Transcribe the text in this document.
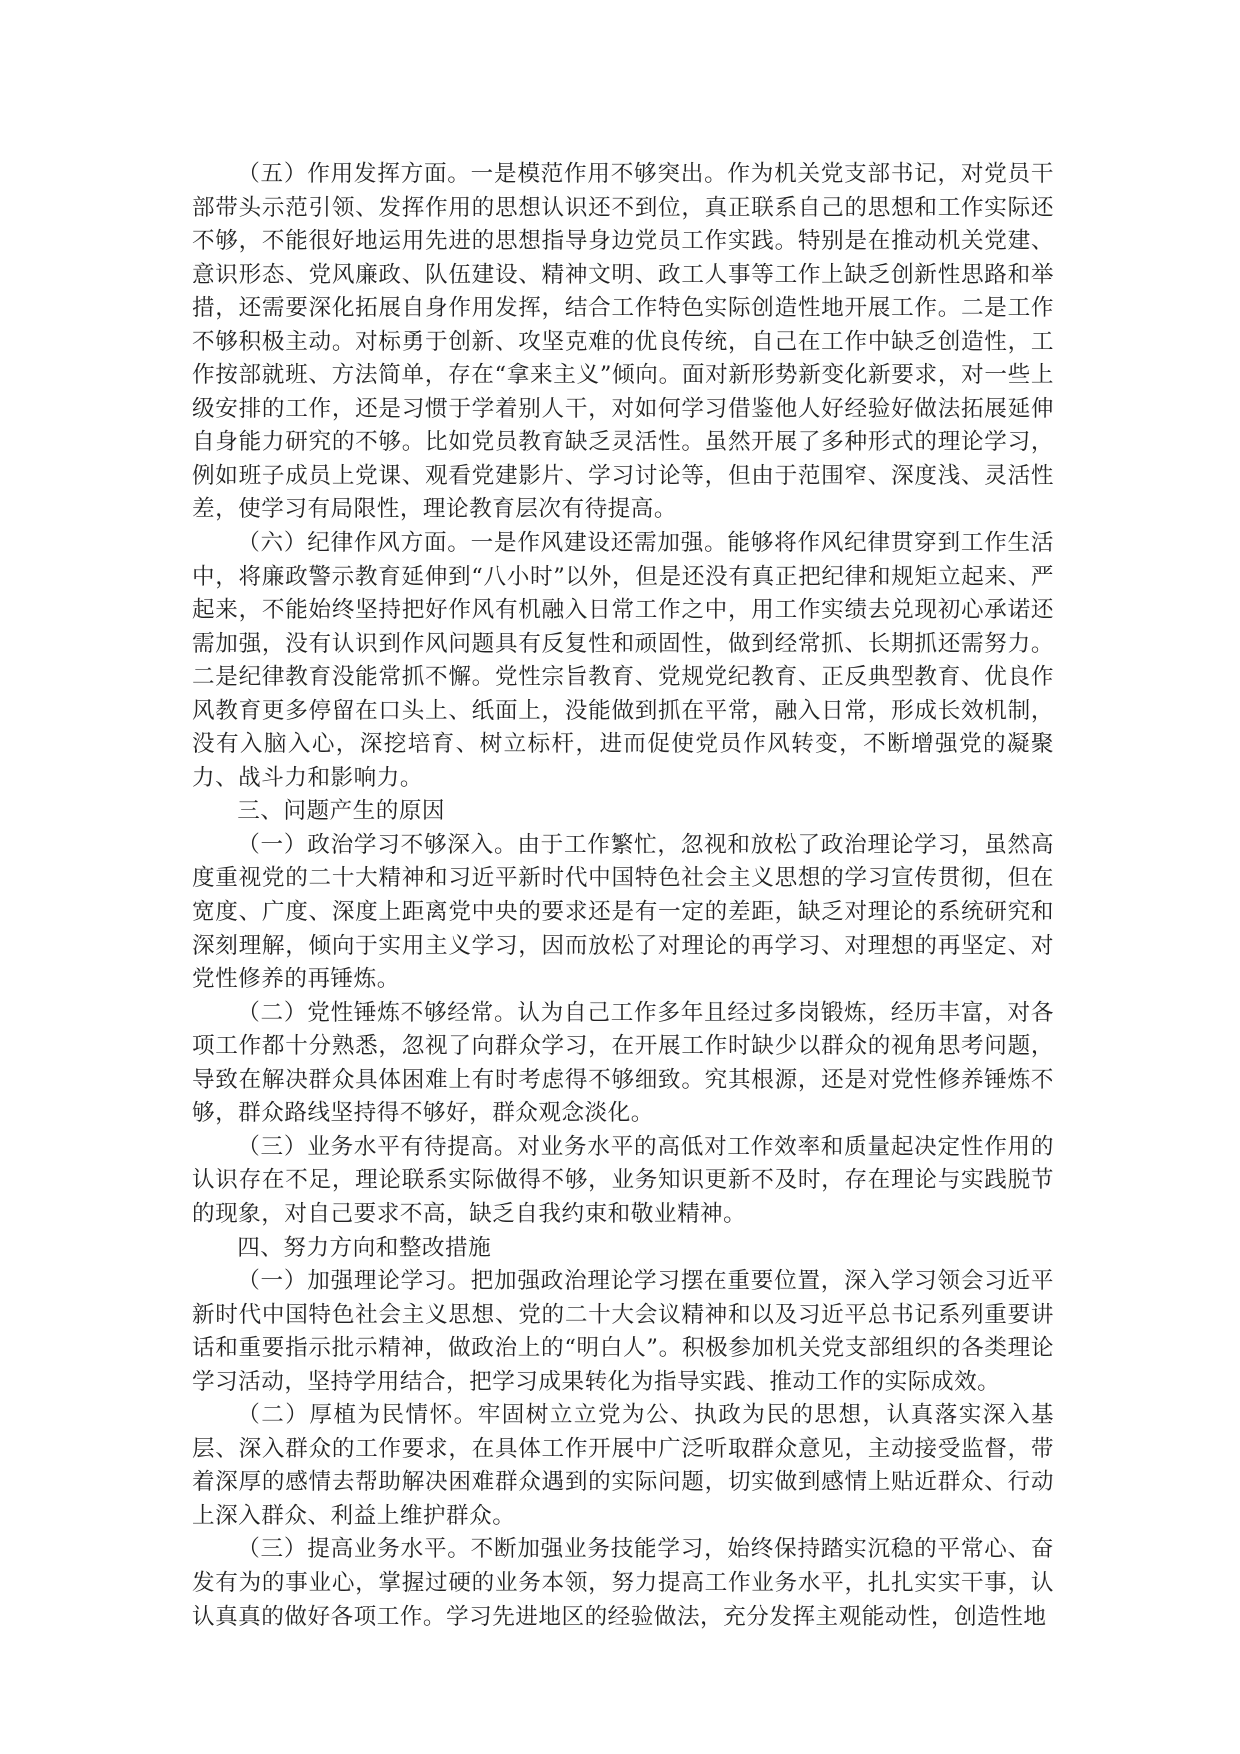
（五）作用发挥方面。一是模范作用不够突出。作为机关党支部书记，对党员干部带头示范引领、发挥作用的思想认识还不到位，真正联系自己的思想和工作实际还不够，不能很好地运用先进的思想指导身边党员工作实践。特别是在推动机关党建、意识形态、党风廉政、队伍建设、精神文明、政工人事等工作上缺乏创新性思路和举措，还需要深化拓展自身作用发挥，结合工作特色实际创造性地开展工作。二是工作不够积极主动。对标勇于创新、攻坚克难的优良传统，自己在工作中缺乏创造性，工作按部就班、方法简单，存在“拿来主义”倾向。面对新形势新变化新要求，对一些上级安排的工作，还是习惯于学着别人干，对如何学习借鉴他人好经验好做法拓展延伸自身能力研究的不够。比如党员教育缺乏灵活性。虽然开展了多种形式的理论学习，例如班子成员上党课、观看党建影片、学习讨论等，但由于范围窄、深度浅、灵活性差，使学习有局限性，理论教育层次有待提高。

（六）纪律作风方面。一是作风建设还需加强。能够将作风纪律贯穿到工作生活中，将廉政警示教育延伸到“八小时”以外，但是还没有真正把纪律和规矩立起来、严起来，不能始终坚持把好作风有机融入日常工作之中，用工作实绩去兑现初心承诺还需加强，没有认识到作风问题具有反复性和顽固性，做到经常抓、长期抓还需努力。二是纪律教育没能常抓不懈。党性宗旨教育、党规党纪教育、正反典型教育、优良作风教育更多停留在口头上、纸面上，没能做到抓在平常，融入日常，形成长效机制，没有入脑入心，深挖培育、树立标杆，进而促使党员作风转变，不断增强党的凝聚力、战斗力和影响力。

三、问题产生的原因

（一）政治学习不够深入。由于工作繁忙，忽视和放松了政治理论学习，虽然高度重视党的二十大精神和习近平新时代中国特色社会主义思想的学习宣传贯彻，但在宽度、广度、深度上距离党中央的要求还是有一定的差距，缺乏对理论的系统研究和深刻理解，倾向于实用主义学习，因而放松了对理论的再学习、对理想的再坚定、对党性修养的再锤炼。

（二）党性锤炼不够经常。认为自己工作多年且经过多岗锻炼，经历丰富，对各项工作都十分熟悉，忽视了向群众学习，在开展工作时缺少以群众的视角思考问题，导致在解决群众具体困难上有时考虑得不够细致。究其根源，还是对党性修养锤炼不够，群众路线坚持得不够好，群众观念淡化。

（三）业务水平有待提高。对业务水平的高低对工作效率和质量起决定性作用的认识存在不足，理论联系实际做得不够，业务知识更新不及时，存在理论与实践脱节的现象，对自己要求不高，缺乏自我约束和敬业精神。

四、努力方向和整改措施

（一）加强理论学习。把加强政治理论学习摆在重要位置，深入学习领会习近平新时代中国特色社会主义思想、党的二十大会议精神和以及习近平总书记系列重要讲话和重要指示批示精神，做政治上的“明白人”。积极参加机关党支部组织的各类理论学习活动，坚持学用结合，把学习成果转化为指导实践、推动工作的实际成效。

（二）厚植为民情怀。牢固树立立党为公、执政为民的思想，认真落实深入基层、深入群众的工作要求，在具体工作开展中广泛听取群众意见，主动接受监督，带着深厚的感情去帮助解决困难群众遇到的实际问题，切实做到感情上贴近群众、行动上深入群众、利益上维护群众。

（三）提高业务水平。不断加强业务技能学习，始终保持踏实沉稳的平常心、奋发有为的事业心，掌握过硬的业务本领，努力提高工作业务水平，扎扎实实干事，认认真真的做好各项工作。学习先进地区的经验做法，充分发挥主观能动性，创造性地
